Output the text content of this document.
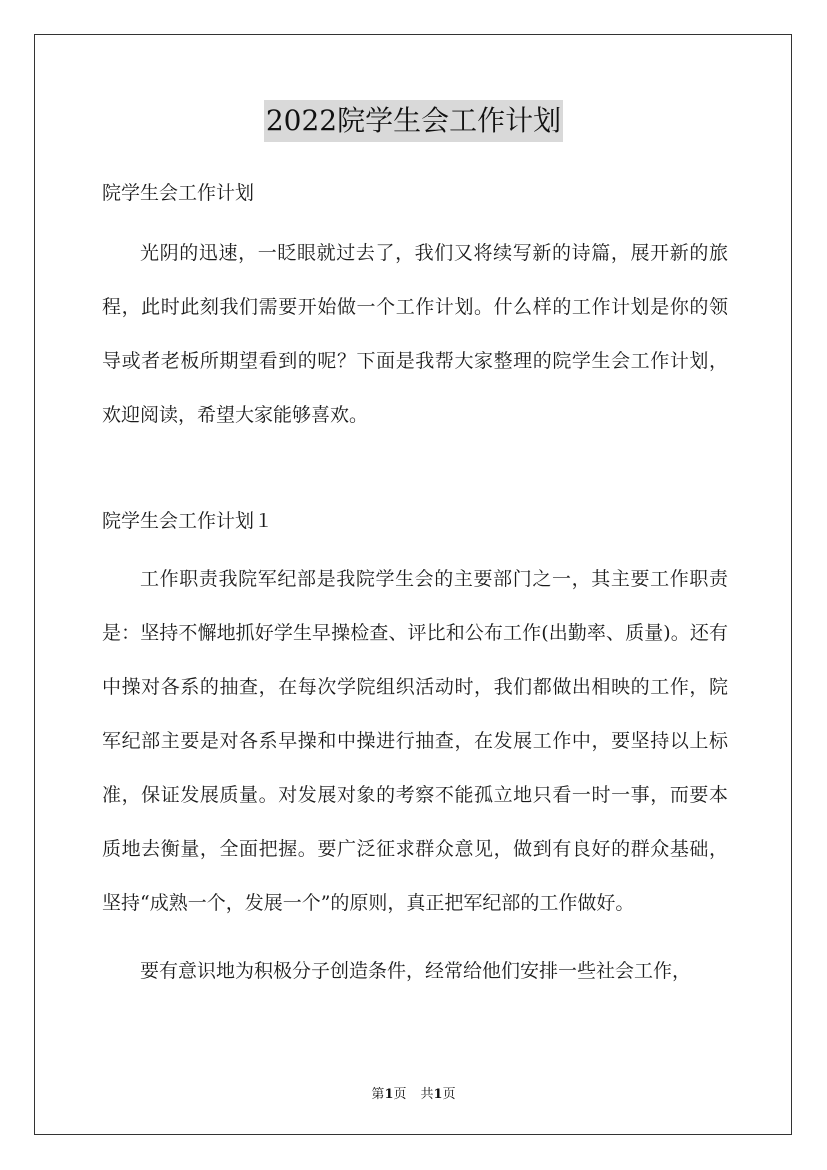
2022院学生会工作计划

院学生会工作计划

光阴的迅速，一眨眼就过去了，我们又将续写新的诗篇，展开新的旅程，此时此刻我们需要开始做一个工作计划。什么样的工作计划是你的领导或者老板所期望看到的呢？下面是我帮大家整理的院学生会工作计划，欢迎阅读，希望大家能够喜欢。

院学生会工作计划１

工作职责我院军纪部是我院学生会的主要部门之一，其主要工作职责是：坚持不懈地抓好学生早操检查、评比和公布工作(出勤率、质量)。还有中操对各系的抽查，在每次学院组织活动时，我们都做出相映的工作，院军纪部主要是对各系早操和中操进行抽查，在发展工作中，要坚持以上标准，保证发展质量。对发展对象的考察不能孤立地只看一时一事，而要本质地去衡量，全面把握。要广泛征求群众意见，做到有良好的群众基础，坚持“成熟一个，发展一个”的原则，真正把军纪部的工作做好。

要有意识地为积极分子创造条件，经常给他们安排一些社会工作，

第1页 共1页
